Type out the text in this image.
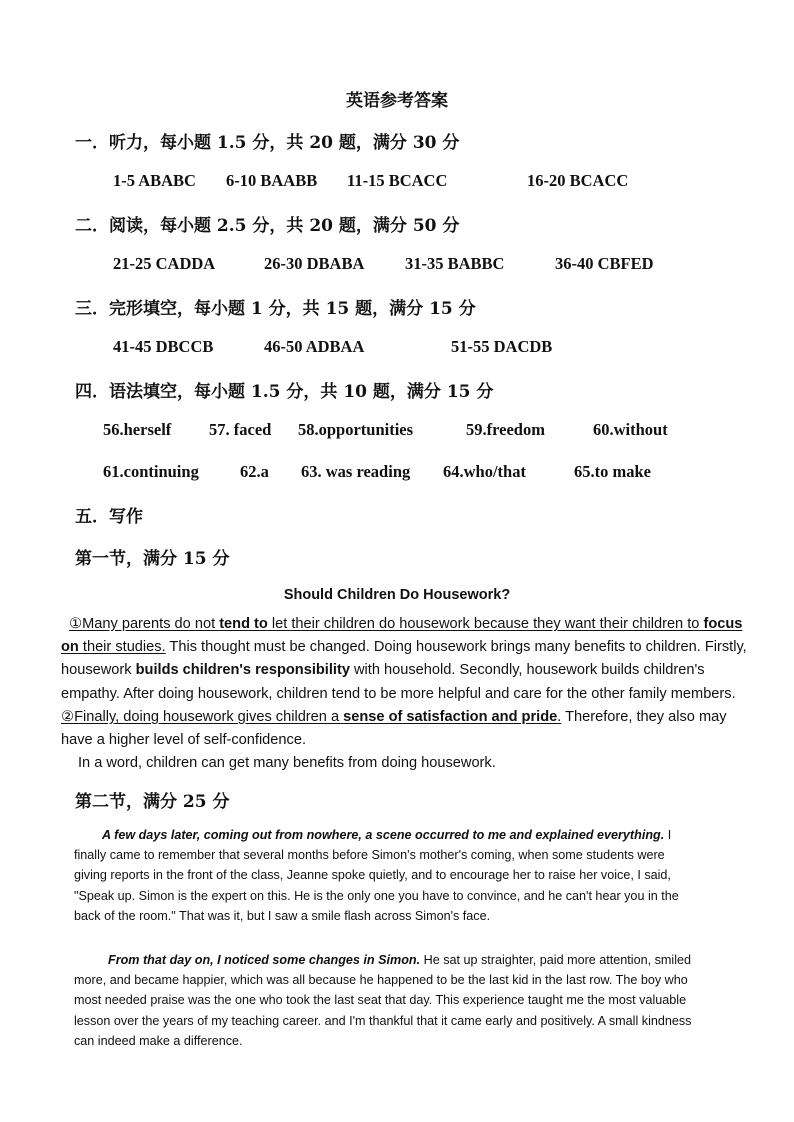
英语参考答案
一．听力，每小题 1.5 分，共 20 题，满分 30 分
1-5 ABABC 6-10 BAABB 11-15 BCACC	16-20 BCACC
二．阅读，每小题 2.5 分，共 20 题，满分 50 分
21-25 CADDA	26-30 DBABA 31-35 BABBC	36-40 CBFED
三．完形填空，每小题 1 分，共 15 题，满分 15 分
41-45 DBCCB	46-50 ADBAA	51-55 DACDB
四．语法填空，每小题 1.5 分，共 10 题，满分 15 分
56.herself 57. faced 58.opportunities	59.freedom	60.without
61.continuing 62.a 63. was reading 64.who/that	65.to make
五．写作
第一节，满分 15 分
Should Children Do Housework?

①Many parents do not tend to let their children do housework because they want their children to focus on their studies. This thought must be changed. Doing housework brings many benefits to children. Firstly, housework builds children's responsibility with household. Secondly, housework builds children's empathy. After doing housework, children tend to be more helpful and care for the other family members. ②Finally, doing housework gives children a sense of satisfaction and pride. Therefore, they also may have a higher level of self-confidence.

In a word, children can get many benefits from doing housework.

第二节，满分 25 分

A few days later, coming out from nowhere, a scene occurred to me and explained everything. I finally came to remember that several months before Simon's mother's coming, when some students were giving reports in the front of the class, Jeanne spoke quietly, and to encourage her to raise her voice, I said, "Speak up. Simon is the expert on this. He is the only one you have to convince, and he can't hear you in the back of the room." That was it, but I saw a smile flash across Simon's face.

From that day on, I noticed some changes in Simon. He sat up straighter, paid more attention, smiled more, and became happier, which was all because he happened to be the last kid in the last row. The boy who most needed praise was the one who took the last seat that day. This experience taught me the most valuable lesson over the years of my teaching career. and I'm thankful that it came early and positively. A small kindness can indeed make a difference.
